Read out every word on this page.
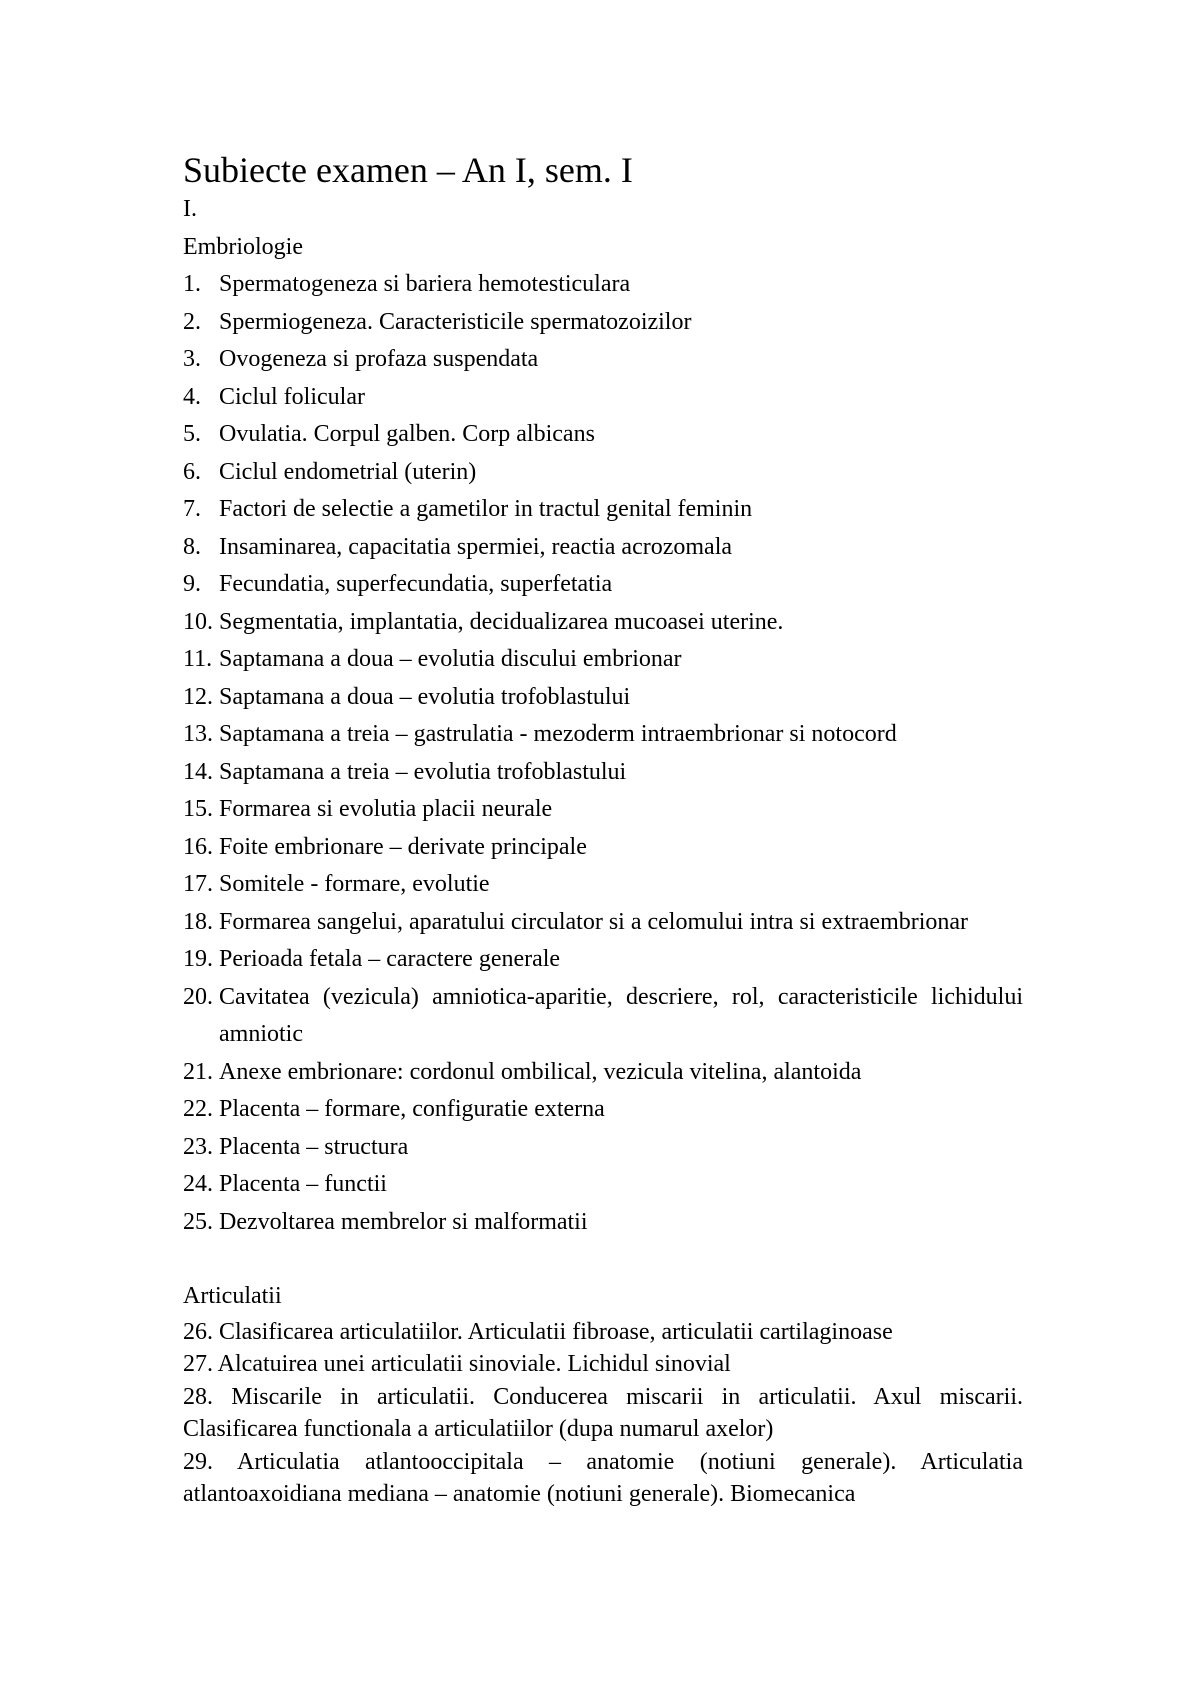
Subiecte examen – An I, sem. I
I.
Embriologie
1. Spermatogeneza si bariera hemotesticulara
2. Spermiogeneza. Caracteristicile spermatozoizilor
3. Ovogeneza si profaza suspendata
4. Ciclul folicular
5. Ovulatia. Corpul galben. Corp albicans
6. Ciclul endometrial (uterin)
7. Factori de selectie a gametilor in tractul genital feminin
8. Insaminarea, capacitatia spermiei, reactia acrozomala
9. Fecundatia, superfecundatia, superfetatia
10. Segmentatia, implantatia, decidualizarea mucoasei uterine.
11. Saptamana a doua – evolutia discului embrionar
12. Saptamana a doua – evolutia trofoblastului
13. Saptamana a treia – gastrulatia - mezoderm intraembrionar si notocord
14. Saptamana a treia – evolutia trofoblastului
15. Formarea si evolutia placii neurale
16. Foite embrionare – derivate principale
17. Somitele - formare, evolutie
18. Formarea sangelui, aparatului circulator si a celomului intra si extraembrionar
19. Perioada fetala – caractere generale
20. Cavitatea (vezicula) amniotica-aparitie, descriere, rol, caracteristicile lichidului amniotic
21. Anexe embrionare: cordonul ombilical, vezicula vitelina, alantoida
22. Placenta – formare, configuratie externa
23. Placenta – structura
24. Placenta – functii
25. Dezvoltarea membrelor si malformatii
Articulatii

26. Clasificarea articulatiilor. Articulatii fibroase, articulatii cartilaginoase

27. Alcatuirea unei articulatii sinoviale. Lichidul sinovial

28. Miscarile in articulatii. Conducerea miscarii in articulatii. Axul miscarii. Clasificarea functionala a articulatiilor (dupa numarul axelor)

29. Articulatia atlantooccipitala – anatomie (notiuni generale). Articulatia atlantoaxoidiana mediana – anatomie (notiuni generale). Biomecanica
